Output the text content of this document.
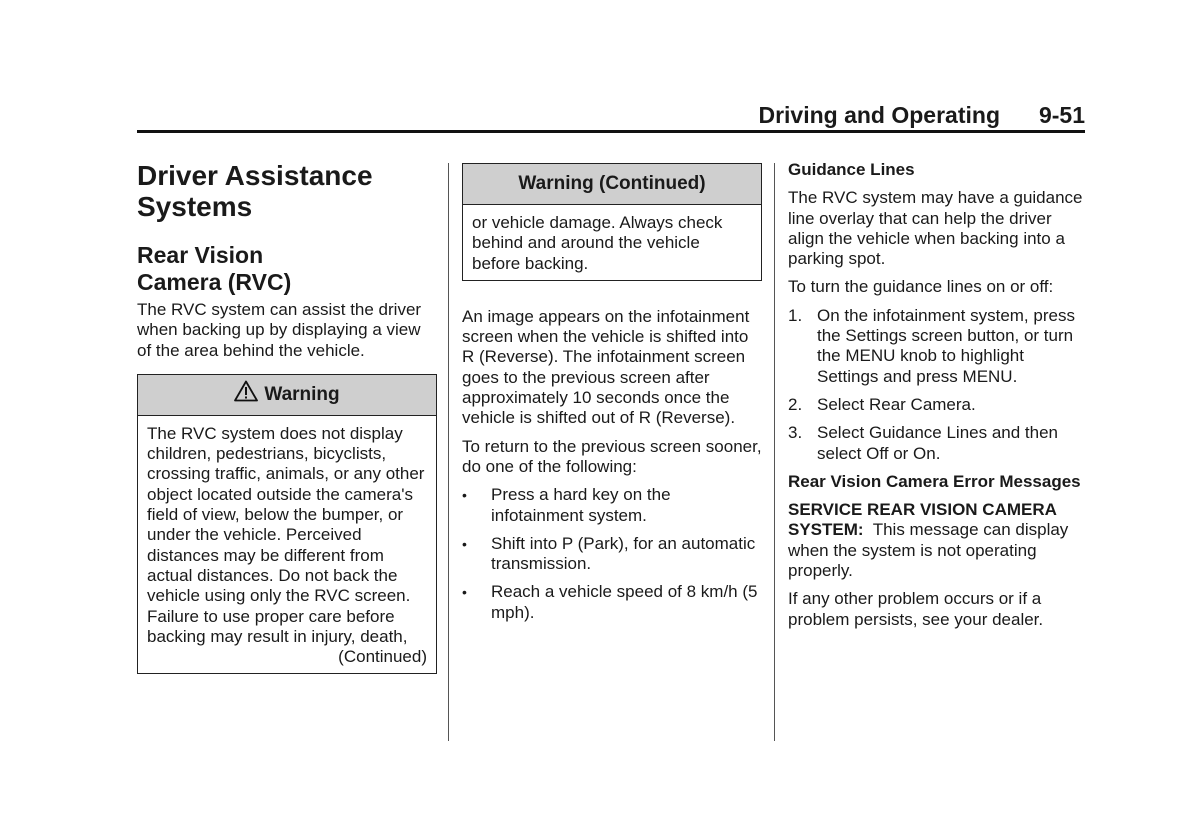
Driving and Operating 9-51
Driver Assistance Systems
Rear Vision
Camera (RVC)

The RVC system can assist the driver when backing up by displaying a view of the area behind the vehicle.

Warning

The RVC system does not display children, pedestrians, bicyclists, crossing traffic, animals, or any other object located outside the camera's field of view, below the bumper, or under the vehicle. Perceived distances may be different from actual distances. Do not back the vehicle using only the RVC screen. Failure to use proper care before backing may result in injury, death,

(Continued)

Warning (Continued)
or vehicle damage. Always check behind and around the vehicle before backing.

An image appears on the infotainment screen when the vehicle is shifted into R (Reverse). The infotainment screen goes to the previous screen after approximately 10 seconds once the vehicle is shifted out of R (Reverse).

To return to the previous screen sooner, do one of the following:

• Press a hard key on the infotainment system.
• Shift into P (Park), for an automatic transmission.
• Reach a vehicle speed of 8 km/h (5 mph).

Guidance Lines

The RVC system may have a guidance line overlay that can help the driver align the vehicle when backing into a parking spot.

To turn the guidance lines on or off:

1. On the infotainment system, press the Settings screen button, or turn the MENU knob to highlight Settings and press MENU.
2. Select Rear Camera.
3. Select Guidance Lines and then select Off or On.

Rear Vision Camera Error Messages

SERVICE REAR VISION CAMERA SYSTEM: This message can display when the system is not operating properly.

If any other problem occurs or if a problem persists, see your dealer.
